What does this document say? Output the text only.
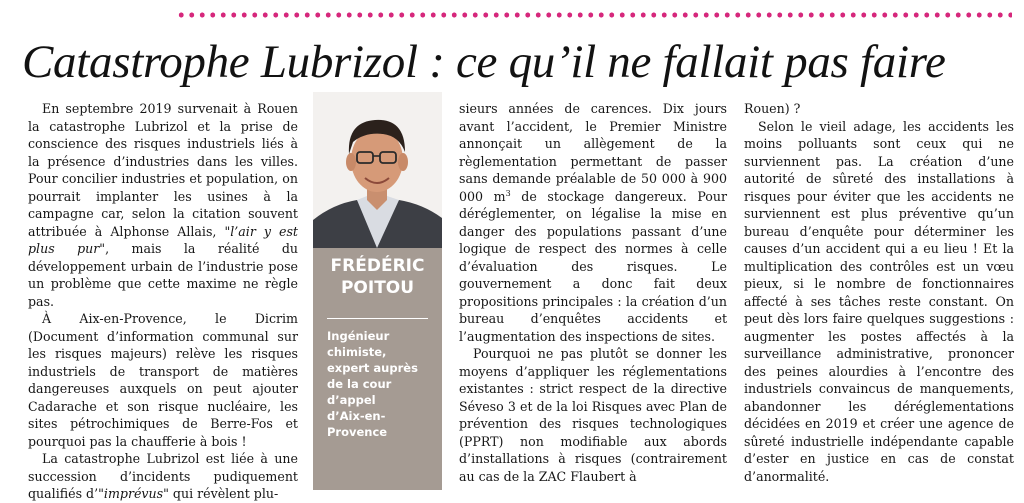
Catastrophe Lubrizol : ce qu’il ne fallait pas faire

En septembre 2019 survenait à Rouen la catastrophe Lubrizol et la prise de conscience des risques industriels liés à la présence d’industries dans les villes. Pour concilier industries et population, on pourrait implanter les usines à la campagne car, selon la citation souvent attribuée à Alphonse Allais, "l’air y est plus pur", mais la réalité du développement urbain de l’industrie pose un problème que cette maxime ne règle pas.

À Aix-en-Provence, le Dicrim (Document d’information communal sur les risques majeurs) relève les risques industriels de transport de matières dangereuses auxquels on peut ajouter Cadarache et son risque nucléaire, les sites pétrochimiques de Berre-Fos et pourquoi pas la chaufferie à bois !

La catastrophe Lubrizol est liée à une succession d’incidents pudiquement qualifiés d’"imprévus" qui révèlent plu-

FRÉDÉRIC
POITOU
Ingénieur
chimiste,
expert auprès
de la cour
d’appel
d’Aix-en-
Provence

sieurs années de carences. Dix jours avant l’accident, le Premier Ministre annonçait un allègement de la règlementation permettant de passer sans demande préalable de 50 000 à 900 000 $m^3$ de stockage dangereux. Pour déréglementer, on légalise la mise en danger des populations passant d’une logique de respect des normes à celle d’évaluation des risques. Le gouvernement a donc fait deux propositions principales : la création d’un bureau d’enquêtes accidents et l’augmentation des inspections de sites.

Pourquoi ne pas plutôt se donner les moyens d’appliquer les réglementations existantes : strict respect de la directive Séveso 3 et de la loi Risques avec Plan de prévention des risques technologiques (PPRT) non modifiable aux abords d’installations à risques (contrairement au cas de la ZAC Flaubert à

Rouen) ?

Selon le vieil adage, les accidents les moins polluants sont ceux qui ne surviennent pas. La création d’une autorité de sûreté des installations à risques pour éviter que les accidents ne surviennent est plus préventive qu’un bureau d’enquête pour déterminer les causes d’un accident qui a eu lieu ! Et la multiplication des contrôles est un vœu pieux, si le nombre de fonctionnaires affecté à ses tâches reste constant. On peut dès lors faire quelques suggestions : augmenter les postes affectés à la surveillance administrative, prononcer des peines alourdies à l’encontre des industriels convaincus de manquements, abandonner les déréglementations décidées en 2019 et créer une agence de sûreté industrielle indépendante capable d’ester en justice en cas de constat d’anormalité.
